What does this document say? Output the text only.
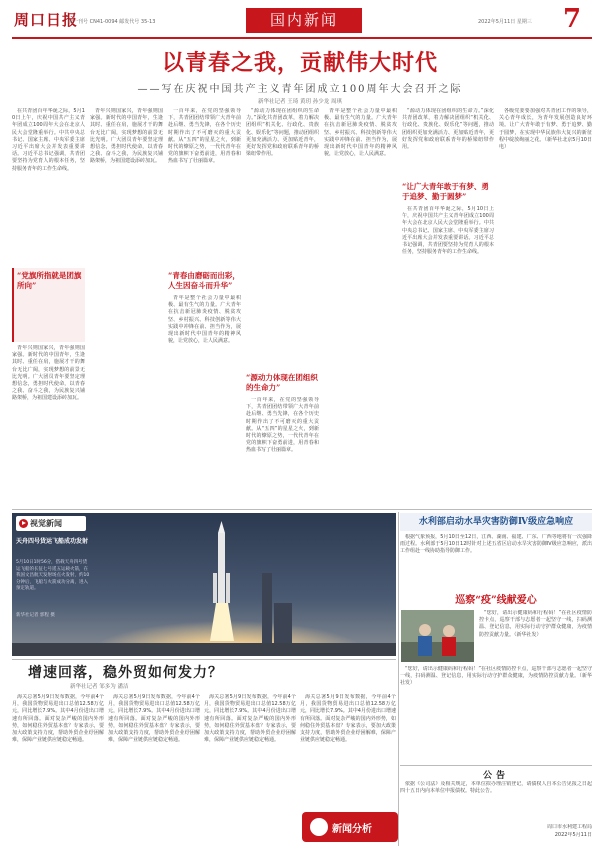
周口日报
统一刊号 CN41-0094 邮发代号 35-13	国内新闻	2022年5月11日 星期三 7
以青春之我，贡献伟大时代
——写在庆祝中国共产主义青年团成立100周年大会召开之际
新华社记者 王琦 黄玥 孙少龙 周琪

在共青团百年华诞之际，5月10日上午，庆祝中国共产主义青年团成立100周年大会在北京人民大会堂隆重举行。中共中央总书记、国家主席、中央军委主席习近平出席大会并发表重要讲话。习近平总书记强调，共青团要坚持为党育人的根本任务，坚持服务青年的工作生命线。

“党旗所指就是团旗所向”

青年兴则国家兴，青年强则国家强。新时代的中国青年，生逢其时、重任在肩，施展才干的舞台无比广阔，实现梦想的前景无比光明。广大团员青年要坚定理想信念，勇担时代使命，以青春之我、奋斗之我，为民族复兴铺路架桥，为祖国建设添砖加瓦。

青年兴则国家兴，青年强则国家强。新时代的中国青年，生逢其时、重任在肩，施展才干的舞台无比广阔，实现梦想的前景无比光明。广大团员青年要坚定理想信念，勇担时代使命，以青春之我、奋斗之我，为民族复兴铺路架桥，为祖国建设添砖加瓦。

一百年来，在党的坚强领导下，共青团团结带领广大青年前赴后继、勇当先锋，在各个历史时期作出了不可磨灭的重大贡献。从“五四”的星星之火，到新时代的燎原之势，一代代青年在党的旗帜下奋勇前进，用青春和热血书写了壮丽篇章。

“青春由磨砺而出彩，人生因奋斗而升华”

青年是整个社会力量中最积极、最有生气的力量。广大青年在抗击新冠肺炎疫情、脱贫攻坚、乡村振兴、科技创新等伟大实践中冲锋在前、担当作为，展现出新时代中国青年的精神风貌，让党放心，让人民满意。

“源动力体现在团组织的生命力。”深化共青团改革，着力解决团组织“机关化、行政化、贵族化、娱乐化”等问题，推动团组织更加充满活力、更加贴近青年，更好发挥党和政府联系青年的桥梁纽带作用。

“源动力体现在团组织的生命力”

一百年来，在党的坚强领导下，共青团团结带领广大青年前赴后继、勇当先锋，在各个历史时期作出了不可磨灭的重大贡献。从“五四”的星星之火，到新时代的燎原之势，一代代青年在党的旗帜下奋勇前进，用青春和热血书写了壮丽篇章。

青年是整个社会力量中最积极、最有生气的力量。广大青年在抗击新冠肺炎疫情、脱贫攻坚、乡村振兴、科技创新等伟大实践中冲锋在前、担当作为，展现出新时代中国青年的精神风貌，让党放心，让人民满意。

“源动力体现在团组织的生命力。”深化共青团改革，着力解决团组织“机关化、行政化、贵族化、娱乐化”等问题，推动团组织更加充满活力、更加贴近青年，更好发挥党和政府联系青年的桥梁纽带作用。

“让广大青年敢于有梦、勇于追梦、勤于圆梦”

在共青团百年华诞之际，5月10日上午，庆祝中国共产主义青年团成立100周年大会在北京人民大会堂隆重举行。中共中央总书记、国家主席、中央军委主席习近平出席大会并发表重要讲话。习近平总书记强调，共青团要坚持为党育人的根本任务，坚持服务青年的工作生命线。

各级党委要加强对共青团工作的领导，关心青年成长，为青年发展创造良好环境。让广大青年敢于有梦、勇于追梦、勤于圆梦，在实现中华民族伟大复兴的新征程中绽放绚丽之花。（新华社北京5月10日电）

视觉新闻
天舟四号货运飞船成功发射
5月10日1时56分，搭载天舟四号货运飞船的长征七号遥五运载火箭，在我国文昌航天发射场点火发射，约10分钟后，飞船与火箭成功分离，进入预定轨道。
新华社记者 郭程 摄
水利部启动水旱灾害防御Ⅳ级应急响应

根据气象预报，5月10日至12日，江西、湖南、福建、广东、广西等地将有一次强降雨过程。水利部于5月10日12时针对上述五省区启动水旱灾害防御Ⅳ级应急响应，派出工作组赴一线协助指导防御工作。

巡察“疫”线献爱心

“您好，请出示健康码和行程码！”在社区疫情防控卡点，巡察干部与志愿者一起坚守一线，扫码测温、登记信息，用实际行动守护群众健康，为疫情防控贡献力量。（新华社发）

“您好，请出示健康码和行程码！”在社区疫情防控卡点，巡察干部与志愿者一起坚守一线，扫码测温、登记信息，用实际行动守护群众健康，为疫情防控贡献力量。（新华社发）

增速回落，稳外贸如何发力？
新华社记者 邹多为 潘洁

海关总署5月9日发布数据，今年前4个月，我国货物贸易进出口总值12.58万亿元，同比增长7.9%。其中4月份进出口增速有所回落。面对复杂严峻的国内外形势，如何稳住外贸基本盘？专家表示，要加大政策支持力度，帮助外贸企业纾困解难，保障产业链供应链稳定畅通。

海关总署5月9日发布数据，今年前4个月，我国货物贸易进出口总值12.58万亿元，同比增长7.9%。其中4月份进出口增速有所回落。面对复杂严峻的国内外形势，如何稳住外贸基本盘？专家表示，要加大政策支持力度，帮助外贸企业纾困解难，保障产业链供应链稳定畅通。

海关总署5月9日发布数据，今年前4个月，我国货物贸易进出口总值12.58万亿元，同比增长7.9%。其中4月份进出口增速有所回落。面对复杂严峻的国内外形势，如何稳住外贸基本盘？专家表示，要加大政策支持力度，帮助外贸企业纾困解难，保障产业链供应链稳定畅通。

海关总署5月9日发布数据，今年前4个月，我国货物贸易进出口总值12.58万亿元，同比增长7.9%。其中4月份进出口增速有所回落。面对复杂严峻的国内外形势，如何稳住外贸基本盘？专家表示，要加大政策支持力度，帮助外贸企业纾困解难，保障产业链供应链稳定畅通。

新闻分析
公告

依据《公司法》及相关规定，本单位拟办理注销登记，请债权人自本公告见报之日起四十五日内向本单位申报债权。特此公告。

周口市水利建工程局
2022年5月11日
